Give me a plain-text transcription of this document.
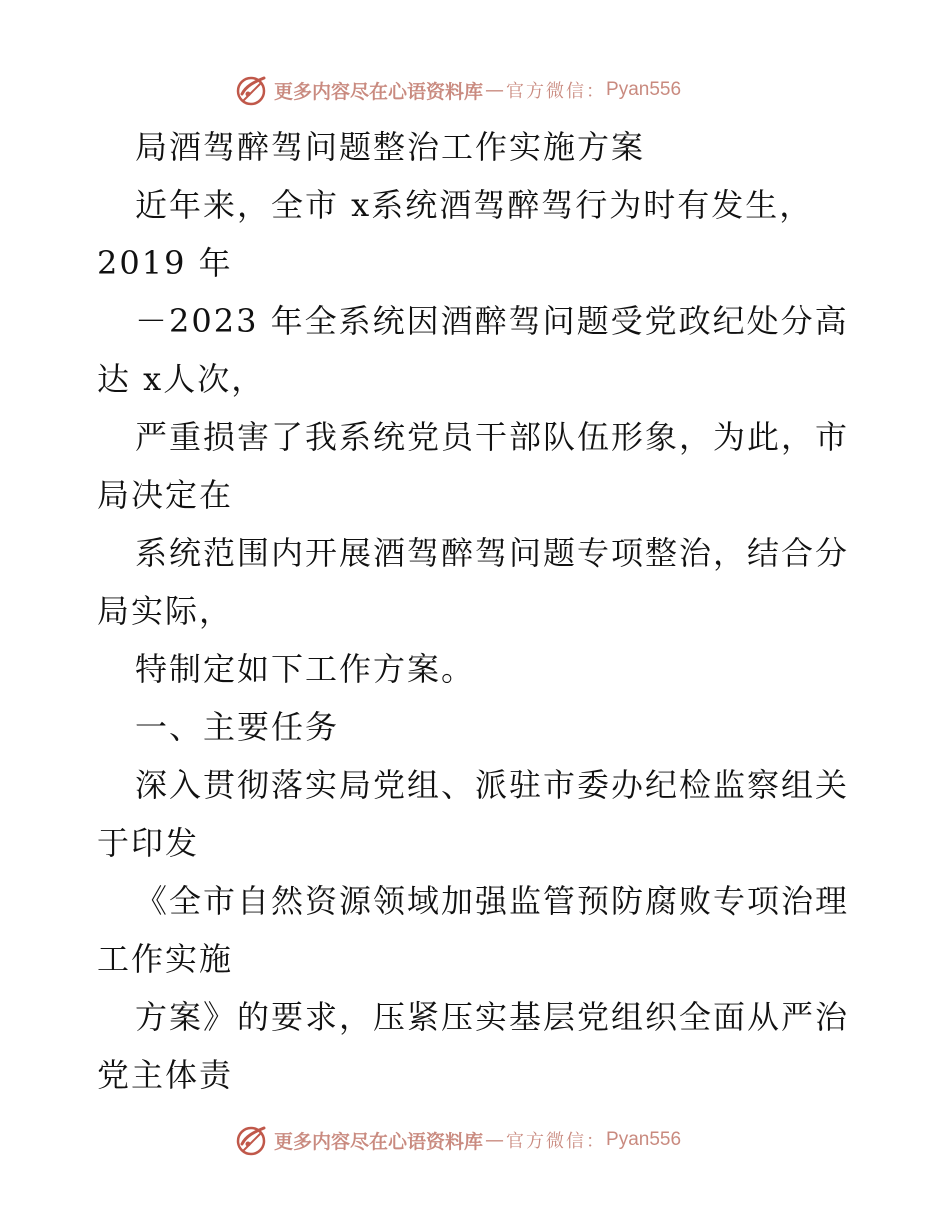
更多内容尽在心语资料库 — 官方微信： Pyan556
局酒驾醉驾问题整治工作实施方案
近年来，全市 x系统酒驾醉驾行为时有发生，
2019 年
－2023 年全系统因酒醉驾问题受党政纪处分高
达 x人次，
严重损害了我系统党员干部队伍形象，为此，市
局决定在
系统范围内开展酒驾醉驾问题专项整治，结合分
局实际，
特制定如下工作方案。
一、主要任务
深入贯彻落实局党组、派驻市委办纪检监察组关
于印发
《全市自然资源领域加强监管预防腐败专项治理
工作实施
方案》的要求，压紧压实基层党组织全面从严治
党主体责
更多内容尽在心语资料库 — 官方微信： Pyan556
